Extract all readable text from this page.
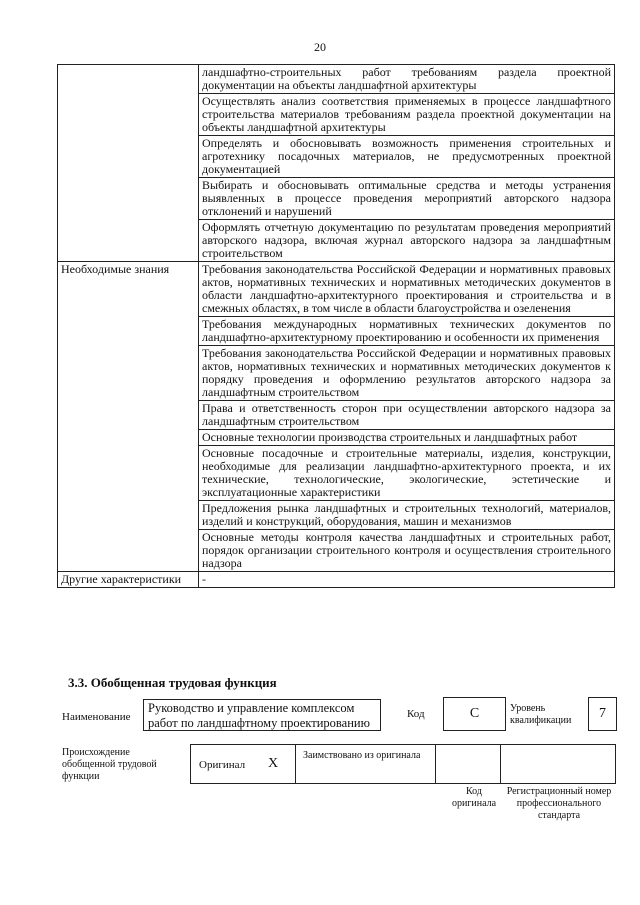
20
	ландшафтно-строительных работ требованиям раздела проектной документации на объекты ландшафтной архитектуры
	Осуществлять анализ соответствия применяемых в процессе ландшафтного строительства материалов требованиям раздела проектной документации на объекты ландшафтной архитектуры
	Определять и обосновывать возможность применения строительных и агротехнику посадочных материалов, не предусмотренных проектной документацией
	Выбирать и обосновывать оптимальные средства и методы устранения выявленных в процессе проведения мероприятий авторского надзора отклонений и нарушений
	Оформлять отчетную документацию по результатам проведения мероприятий авторского надзора, включая журнал авторского надзора за ландшафтным строительством
Необходимые знания	Требования законодательства Российской Федерации и нормативных правовых актов, нормативных технических и нормативных методических документов в области ландшафтно-архитектурного проектирования и строительства и в смежных областях, в том числе в области благоустройства и озеленения
	Требования международных нормативных технических документов по ландшафтно-архитектурному проектированию и особенности их применения
	Требования законодательства Российской Федерации и нормативных правовых актов, нормативных технических и нормативных методических документов к порядку проведения и оформлению результатов авторского надзора за ландшафтным строительством
	Права и ответственность сторон при осуществлении авторского надзора за ландшафтным строительством
	Основные технологии производства строительных и ландшафтных работ
	Основные посадочные и строительные материалы, изделия, конструкции, необходимые для реализации ландшафтно-архитектурного проекта, и их технические, технологические, экологические, эстетические и эксплуатационные характеристики
	Предложения рынка ландшафтных и строительных технологий, материалов, изделий и конструкций, оборудования, машин и механизмов
	Основные методы контроля качества ландшафтных и строительных работ, порядок организации строительного контроля и осуществления строительного надзора
Другие характеристики	-
3.3. Обобщенная трудовая функция
Наименование
Руководство и управление комплексом работ по ландшафтному проектированию
Код	C	Уровень квалификации	7
Происхождение обобщенной трудовой функции
Оригинал X
Заимствовано из оригинала
Код оригинала
Регистрационный номер профессионального стандарта
